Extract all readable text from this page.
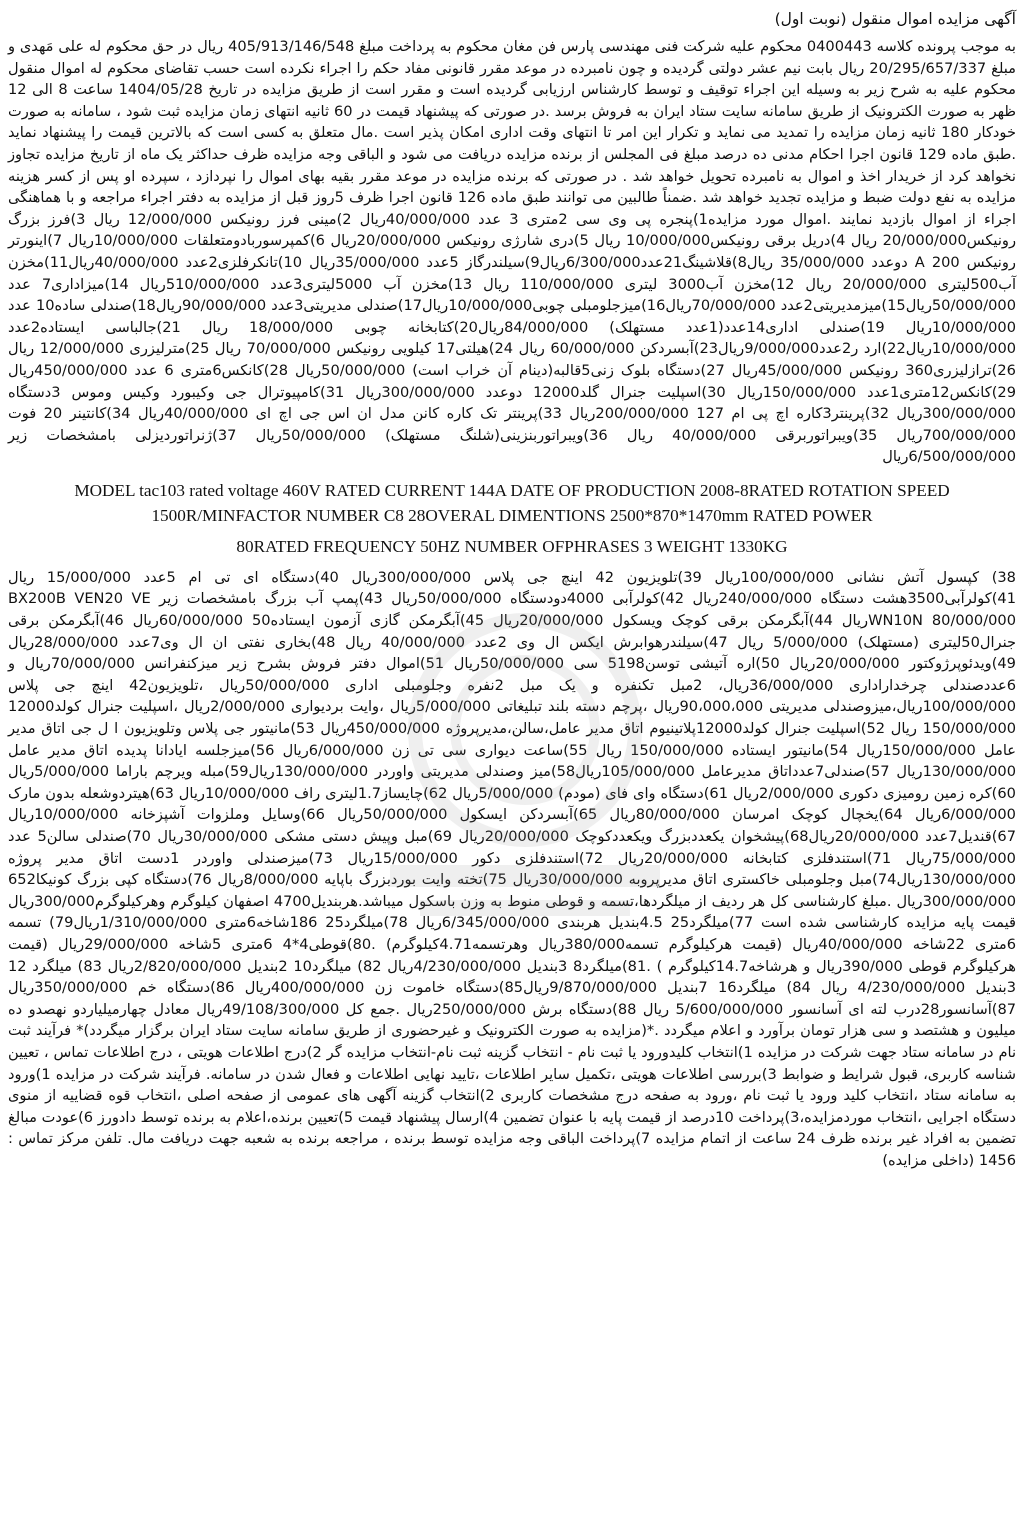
آگهی مزایده اموال منقول (نوبت اول)

به موجب پرونده کلاسه 0400443 محکوم علیه شرکت فنی مهندسی پارس فن مغان محکوم به پرداخت مبلغ 405/913/146/548 ریال در حق محکوم له علی مَهدی و مبلغ 20/295/657/337 ریال بابت نیم عشر دولتی گردیده و چون نامبرده در موعد مقرر قانونی مفاد حکم را اجراء نکرده است حسب تقاضای محکوم له اموال منقول محکوم علیه به شرح زیر به وسیله این اجراء توقیف و توسط کارشناس ارزیابی گردیده است و مقرر است از طریق مزایده در تاریخ 1404/05/28 ساعت 8 الی 12 ظهر به صورت الکترونیک از طریق سامانه سایت ستاد ایران به فروش برسد .در صورتی که پیشنهاد قیمت در 60 ثانیه انتهای زمان مزایده ثبت شود ، سامانه به صورت خودکار 180 ثانیه زمان مزایده را تمدید می نماید و تکرار این امر تا انتهای وقت اداری امکان پذیر است .مال متعلق به کسی است که بالاترین قیمت را پیشنهاد نماید .طبق ماده 129 قانون اجرا احکام مدنی ده درصد مبلغ فی المجلس از برنده مزایده دریافت می شود و الباقی وجه مزایده ظرف حداکثر یک ماه از تاریخ مزایده تجاوز نخواهد کرد از خریدار اخذ و اموال به نامبرده تحویل خواهد شد . در صورتی که برنده مزایده در موعد مقرر بقیه بهای اموال را نپردازد ، سپرده او پس از کسر هزینه مزایده به نفع دولت ضبط و مزایده تجدید خواهد شد .ضمناً طالبین می توانند طبق ماده 126 قانون اجرا ظرف 5روز قبل از مزایده به دفتر اجراء مراجعه و با هماهنگی اجراء از اموال بازدید نمایند .اموال مورد مزایده1)پنجره پی وی سی 2متری 3 عدد 40/000/000ریال 2)مینی فرز رونیکس 12/000/000 ریال 3)فرز بزرگ رونیکس20/000/000 ریال 4)دریل برقی رونیکس10/000/000 ریال 5)دری شارژی رونیکس 20/000/000ریال 6)کمپرسوربادومتعلقات 10/000/000ریال 7)اینورتر رونیکس 200 A دوعدد 35/000/000 ریال8)قلاشینگ21عدد6/300/000ریال9)سیلندرگاز 5عدد 35/000/000ریال 10)تانکرفلزی2عدد 40/000/000ریال11)مخزن آب500لیتری 20/000/000 ریال 12)مخزن آب3000 لیتری 110/000/000 ریال 13)مخزن آب 5000لیتری3عدد 510/000/000ریال 14)میزاداری7 عدد 50/000/000ریال15)میزمدیریتی2عدد 70/000/000ریال16)میزجلومبلی چوبی10/000/000ریال17)صندلی مدیریتی3عدد 90/000/000ریال18)صندلی ساده10 عدد 10/000/000ریال 19)صندلی اداری14عدد(1عدد مستهلک) 84/000/000ریال20)کتابخانه چوبی 18/000/000 ریال 21)جالباسی ایستاده2عدد 10/000/000ریال22)ارد ر2عدد9/000/000ریال23)آبسردکن 60/000/000 ریال 24)هیلتی17 کیلویی رونیکس 70/000/000 ریال 25)مترلیزری 12/000/000 ریال 26)ترازلیزری360 رونیکس 45/000/000ریال 27)دستگاه بلوک زنی5قالبه(دینام آن خراب است) 50/000/000ریال 28)کانکس6متری 6 عدد 450/000/000ریال 29)کانکس12متری1عدد 150/000/000ریال 30)اسپلیت جنرال گلد12000 دوعدد 300/000/000ریال 31)کامپیوترال جی وکیبورد وکیس وموس 3دستگاه 300/000/000ریال 32)پرینتر3کاره اچ پی ام 127 200/000/000ریال 33)پرینتر تک کاره کانن مدل ان اس جی اچ ای 40/000/000ریال 34)کانتینر 20 فوت 700/000/000ریال 35)ویبراتوربرقی 40/000/000 ریال 36)ویبراتوربنزینی(شلنگ مستهلک) 50/000/000ریال 37)ژنراتوردیزلی بامشخصات زیر 6/500/000/000ریال

MODEL tac103 rated voltage 460V RATED CURRENT 144A DATE OF PRODUCTION 2008-8RATED ROTATION SPEED 1500R/MINFACTOR NUMBER C8 28OVERAL DIMENTIONS 2500*870*1470mm RATED POWER

80RATED FREQUENCY 50HZ NUMBER OFPHRASES 3 WEIGHT 1330KG

38) کپسول آتش نشانی 100/000/000ریال 39)تلویزیون 42 اینچ جی پلاس 300/000/000ریال 40)دستگاه ای تی ام 5عدد 15/000/000 ریال 41)کولرآبی3500هشت دستگاه 240/000/000ریال 42)کولرآبی 4000دودستگاه 50/000/000ریال 43)پمپ آب بزرگ بامشخصات زیر BX200B VEN20 VE WN10N 80/000/000ریال 44)آبگرمکن برقی کوچک ویسکول 20/000/000ریال 45)آبگرمکن گازی آزمون ایستاده50 60/000/000ریال 46)آبگرمکن برقی جنرال50لیتری (مستهلک) 5/000/000 ریال 47)سیلندرهوابرش ایکس ال وی 2عدد 40/000/000 ریال 48)بخاری نفتی ان ال وی7عدد 28/000/000ریال 49)ویدئوپرژوکتور 20/000/000ریال 50)اره آتیشی توسن5198 سی 50/000/000ریال 51)اموال دفتر فروش بشرح زیر میزکنفرانس 70/000/000ریال و 6عددصندلی چرخداراداری 36/000/000ریال، 2مبل تکنفره و یک مبل 2نفره وجلومبلی اداری 50/000/000ریال ،تلویزیون42 اینچ جی پلاس 100/000/000ریال،میزوصندلی مدیریتی 90،000،000ریال ،پرچم دسته بلند تبلیغاتی 5/000/000ریال ،وایت بردیواری 2/000/000ریال ،اسپلیت جنرال کولد12000 150/000/000 ریال 52)اسپلیت جنرال کولد12000پلاتینیوم اتاق مدیر عامل،سالن،مدیرپروژه 450/000/000ریال 53)مانیتور جی پلاس وتلویزیون ا ل جی اتاق مدیر عامل 150/000/000ریال 54)مانیتور ایستاده 150/000/000 ریال 55)ساعت دیواری سی تی زن 6/000/000ریال 56)میزجلسه ایادانا پدیده اتاق مدیر عامل 130/000/000ریال 57)صندلی7عدداتاق مدیرعامل 105/000/000ریال58)میز وصندلی مدیریتی واوردر 130/000/000ریال59)مبله ویرچم باراما 5/000/000ریال 60)کره زمین رومیزی دکوری 2/000/000ریال 61)دستگاه وای فای (مودم) 5/000/000ریال 62)چایساز1.7لیتری راف 10/000/000ریال 63)هیتردوشعله بدون مارک 6/000/000ریال 64)یخچال کوچک امرسان 80/000/000ریال 65)آبسردکن ایسکول 50/000/000ریال 66)وسایل وملزوات آشپزخانه 10/000/000ریال 67)قندیل7عدد 20/000/000ریال68)پیشخوان یکعددبزرگ ویکعددکوچک 20/000/000ریال 69)مبل وپیش دستی مشکی 30/000/000ریال 70)صندلی سالن5 عدد 75/000/000ریال 71)استندفلزی کتابخانه 20/000/000ریال 72)استندفلزی دکور 15/000/000ریال 73)میزصندلی واوردر 1دست اتاق مدیر پروژه 130/000/000ریال74)مبل وجلومبلی خاکستری اتاق مدیرپروبه 30/000/000ریال 75)تخته وایت بوردبزرگ باپایه 8/000/000ریال 76)دستگاه کپی بزرگ کونیکا652 300/000/000ریال .مبلغ کارشناسی کل هر ردیف از میلگردها،تسمه و قوطی منوط به وزن باسکول میباشد.هربندیل4700 اصفهان کیلوگرم وهرکیلوگرم300/000ریال قیمت پایه مزایده کارشناسی شده است 77)میلگرد25 4.5بندیل هربندی 6/345/000/000ریال 78)میلگرد25 186شاخه6متری 1/310/000/000ریال79) تسمه 6متری 22شاخه 40/000/000ریال (قیمت هرکیلوگرم تسمه380/000ریال وهرتسمه4.71کیلوگرم) .80)قوطی4*4 6متری 5شاخه 29/000/000ریال (قیمت هرکیلوگرم قوطی 390/000ریال و هرشاخه14.7کیلوگرم ) .81)میلگرد8 3بندیل 4/230/000/000ریال 82) میلگرد10 2بندیل 2/820/000/000ریال 83) میلگرد 12 3بندیل 4/230/000/000 ریال 84) میلگرد16 7بندیل 9/870/000/000ریال85)دستگاه خاموت زن 400/000/000ریال 86)دستگاه خم 350/000/000ریال 87)آسانسور28درب لته ای آسانسور 5/600/000/000 ریال 88)دستگاه برش 250/000/000ریال .جمع کل 49/108/300/000ریال معادل چهارمیلیاردو نهصدو ده میلیون و هشتصد و سی هزار تومان برآورد و اعلام میگردد .*(مزایده به صورت الکترونیک و غیرحضوری از طریق سامانه سایت ستاد ایران برگزار میگردد)* فرآیند ثبت نام در سامانه ستاد جهت شرکت در مزایده 1)انتخاب کلیدورود یا ثبت نام - انتخاب گزینه ثبت نام-انتخاب مزایده گر 2)درج اطلاعات هویتی ، درج اطلاعات تماس ، تعیین شناسه کاربری، قبول شرایط و ضوابط 3)بررسی اطلاعات هویتی ،تکمیل سایر اطلاعات ،تایید نهایی اطلاعات و فعال شدن در سامانه. فرآیند شرکت در مزایده 1)ورود به سامانه ستاد ،انتخاب کلید ورود یا ثبت نام ،ورود به صفحه درج مشخصات کاربری 2)انتخاب گزینه آگهی های عمومی از صفحه اصلی ،انتخاب قوه قضاییه از منوی دستگاه اجرایی ،انتخاب موردمزایده،3)پرداخت 10درصد از قیمت پایه با عنوان تضمین 4)ارسال پیشنهاد قیمت 5)تعیین برنده،اعلام به برنده توسط دادورز 6)عودت مبالغ تضمین به افراد غیر برنده ظرف 24 ساعت از اتمام مزایده 7)پرداخت الباقی وجه مزایده توسط برنده ، مراجعه برنده به شعبه جهت دریافت مال. تلفن مرکز تماس : 1456 (داخلی مزایده)
